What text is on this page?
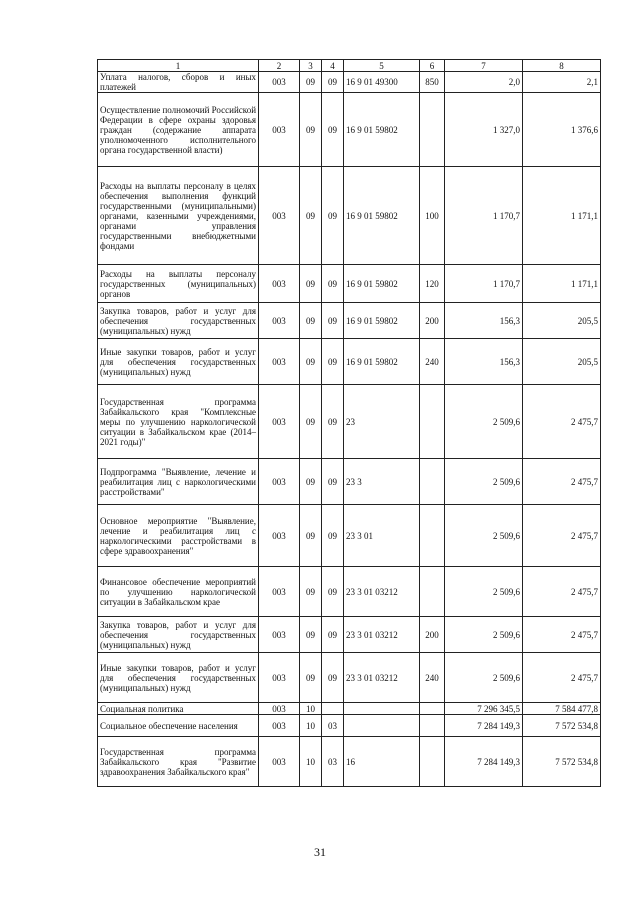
1	2	3	4	5	6	7	8
Уплата налогов, сборов и иных платежей	003	09	09	16 9 01 49300	850	2,0	2,1
Осуществление полномочий Российской Федерации в сфере охраны здоровья граждан (содержание аппарата уполномоченного исполнительного органа государственной власти)	003	09	09	16 9 01 59802		1 327,0	1 376,6
Расходы на выплаты персоналу в целях обеспечения выполнения функций государственными (муниципальными) органами, казенными учреждениями, органами управления государственными внебюджетными фондами	003	09	09	16 9 01 59802	100	1 170,7	1 171,1
Расходы на выплаты персоналу государственных (муниципальных) органов	003	09	09	16 9 01 59802	120	1 170,7	1 171,1
Закупка товаров, работ и услуг для обеспечения государственных (муниципальных) нужд	003	09	09	16 9 01 59802	200	156,3	205,5
Иные закупки товаров, работ и услуг для обеспечения государственных (муниципальных) нужд	003	09	09	16 9 01 59802	240	156,3	205,5
Государственная программа Забайкальского края "Комплексные меры по улучшению наркологической ситуации в Забайкальском крае (2014–2021 годы)"	003	09	09	23		2 509,6	2 475,7
Подпрограмма "Выявление, лечение и реабилитация лиц с наркологическими расстройствами"	003	09	09	23 3		2 509,6	2 475,7
Основное мероприятие "Выявление, лечение и реабилитация лиц с наркологическими расстройствами в сфере здравоохранения"	003	09	09	23 3 01		2 509,6	2 475,7
Финансовое обеспечение мероприятий по улучшению наркологической ситуации в Забайкальском крае	003	09	09	23 3 01 03212		2 509,6	2 475,7
Закупка товаров, работ и услуг для обеспечения государственных (муниципальных) нужд	003	09	09	23 3 01 03212	200	2 509,6	2 475,7
Иные закупки товаров, работ и услуг для обеспечения государственных (муниципальных) нужд	003	09	09	23 3 01 03212	240	2 509,6	2 475,7
Социальная политика	003	10				7 296 345,5	7 584 477,8
Социальное обеспечение населения	003	10	03			7 284 149,3	7 572 534,8
Государственная программа Забайкальского края "Развитие здравоохранения Забайкальского края"	003	10	03	16		7 284 149,3	7 572 534,8
31
